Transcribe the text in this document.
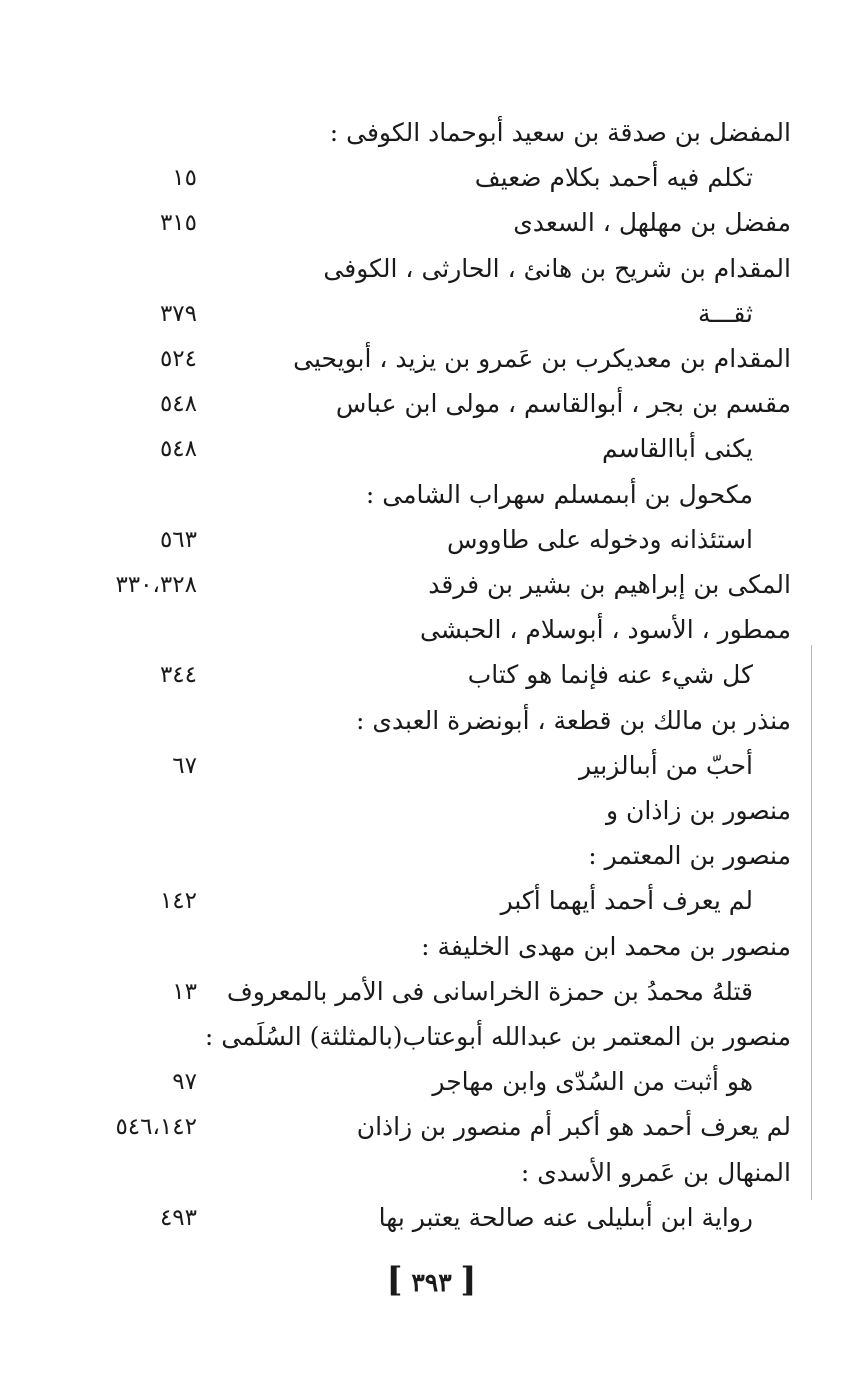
المفضل بن صدقة بن سعيد أبوحماد الكوفى :
تكلم فيه أحمد بكلام ضعيف
١٥
مفضل بن مهلهل ، السعدى
٣١٥
المقدام بن شريح بن هانئ ، الحارثى ، الكوفى
ثقـــة
٣٧٩
المقدام بن معديكرب بن عَمرو بن يزيد ، أبويحيى
٥٢٤
مقسم بن بجر ، أبوالقاسم ، مولى ابن عباس
٥٤٨
يكنى أباالقاسم
٥٤٨
مكحول بن أبىمسلم سهراب الشامى :
استئذانه ودخوله على طاووس
٥٦٣
المكى بن إبراهيم بن بشير بن فرقد
٣٣٠،٣٢٨
ممطور ، الأسود ، أبوسلام ، الحبشى
كل شيء عنه فإنما هو كتاب
٣٤٤
منذر بن مالك بن قطعة ، أبونضرة العبدى :
أحبّ من أبىالزبير
٦٧
منصور بن زاذان و
منصور بن المعتمر :
لم يعرف أحمد أيهما أكبر
١٤٢
منصور بن محمد ابن مهدى الخليفة :
قتلهُ محمدُ بن حمزة الخراسانى فى الأمر بالمعروف
١٣
منصور بن المعتمر بن عبدالله أبوعتاب(بالمثلثة) السُلَمى :
هو أثبت من السُدّى وابن مهاجر
٩٧
لم يعرف أحمد هو أكبر أم منصور بن زاذان
٥٤٦،١٤٢
المنهال بن عَمرو الأسدى :
رواية ابن أبىليلى عنه صالحة يعتبر بها
٤٩٣
[ ٣٩٣ ]
